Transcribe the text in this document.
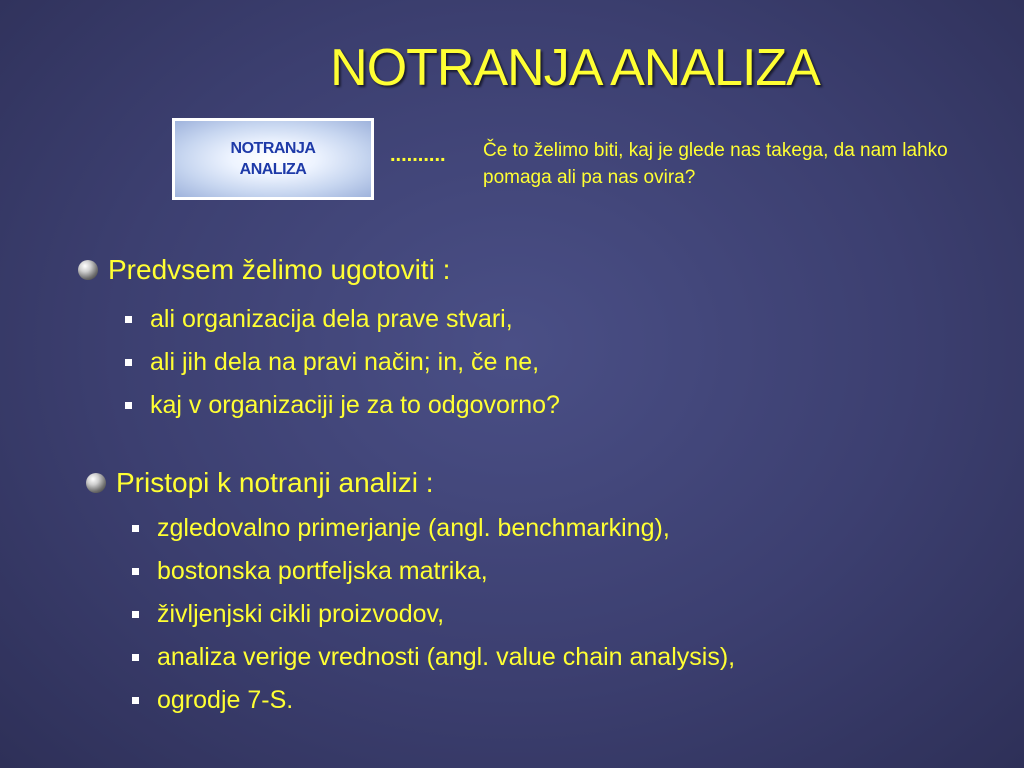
NOTRANJA ANALIZA
NOTRANJA
ANALIZA
.......... Če to želimo biti, kaj je glede nas takega, da nam lahko pomaga ali pa nas ovira?
Predvsem želimo ugotoviti :
ali organizacija dela prave stvari,
ali jih dela na pravi način; in, če ne,
kaj v organizaciji je za to odgovorno?
Pristopi k notranji analizi :
zgledovalno primerjanje (angl. benchmarking),
bostonska portfeljska matrika,
življenjski cikli proizvodov,
analiza verige vrednosti (angl. value chain analysis),
ogrodje 7-S.
